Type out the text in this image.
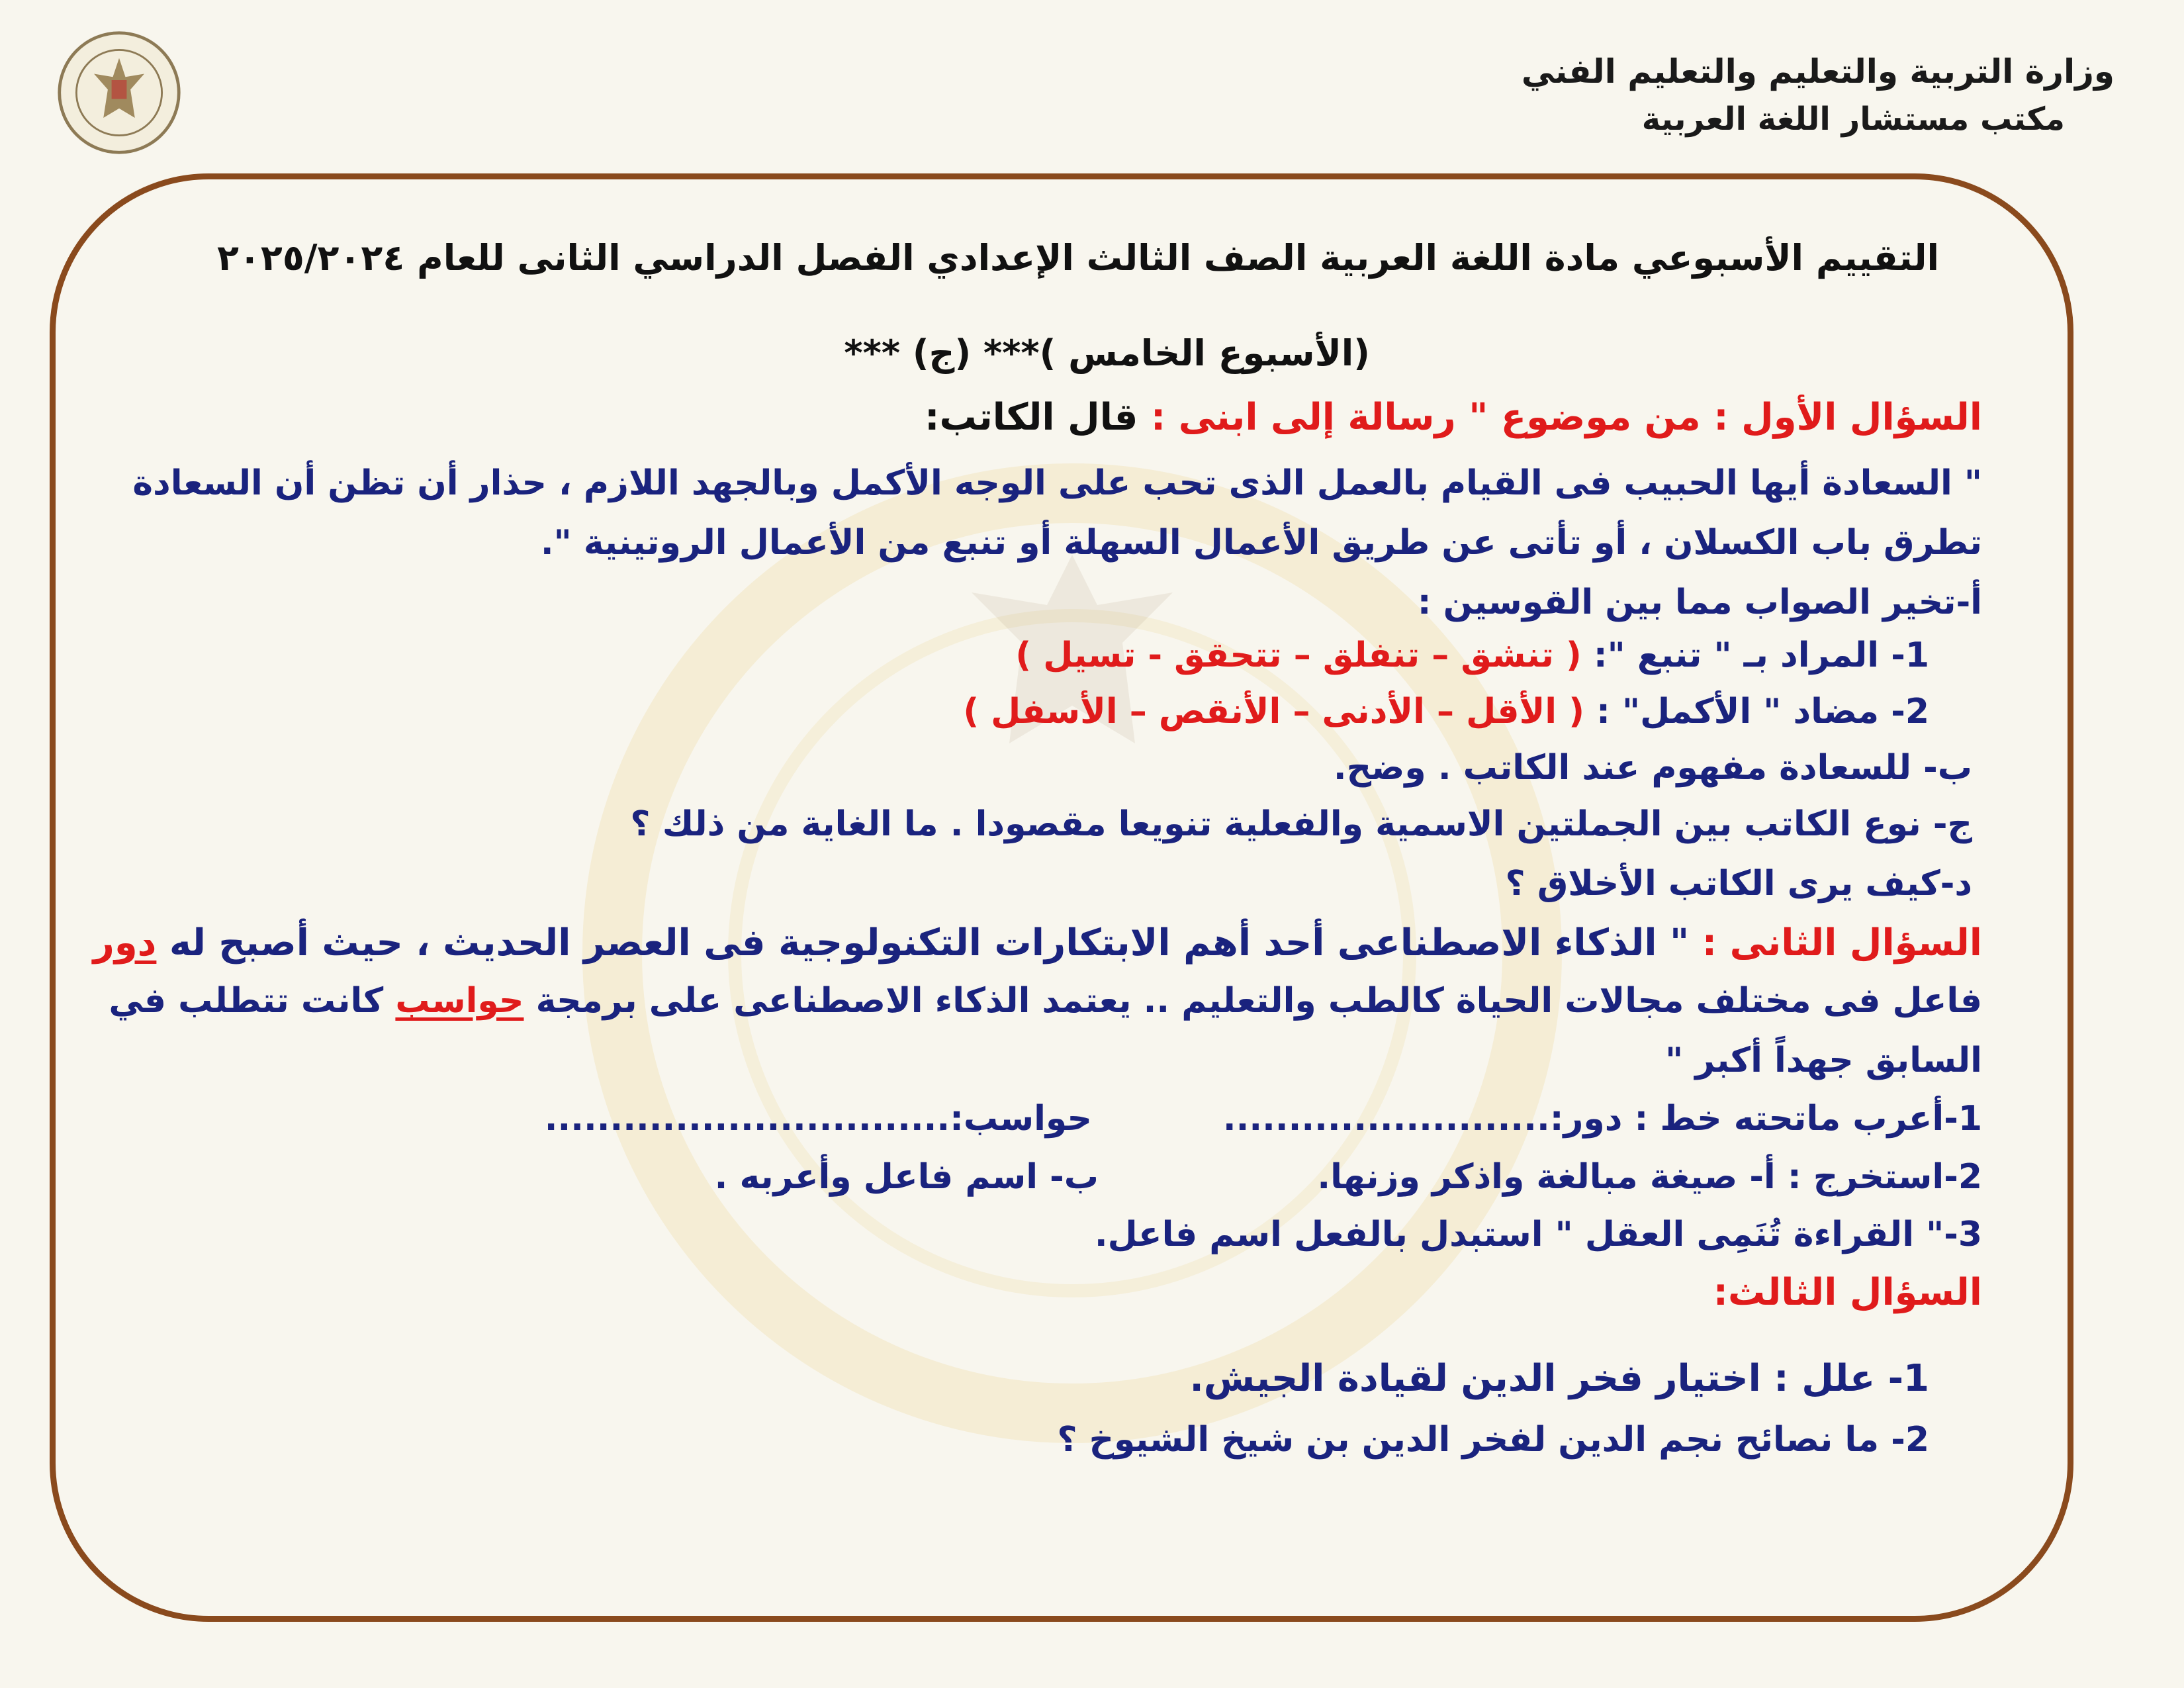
وزارة التربية والتعليم والتعليم الفني
مكتب مستشار اللغة العربية
التقييم الأسبوعي مادة اللغة العربية الصف الثالث الإعدادي الفصل الدراسي الثانى للعام ٢٠٢٥/٢٠٢٤
(الأسبوع الخامس )*** (ج) ***
السؤال الأول : من موضوع " رسالة إلى ابنى : قال الكاتب:
" السعادة أيها الحبيب فى القيام بالعمل الذى تحب على الوجه الأكمل وبالجهد اللازم ، حذار أن تظن أن السعادة
تطرق باب الكسلان ، أو تأتى عن طريق الأعمال السهلة أو تنبع من الأعمال الروتينية ".
أ-تخير الصواب مما بين القوسين :
1- المراد بـ " تنبع ": ( تنشق – تنفلق – تتحقق - تسيل )
2- مضاد " الأكمل" : ( الأقل – الأدنى – الأنقص – الأسفل )
ب- للسعادة مفهوم عند الكاتب . وضح.
ج- نوع الكاتب بين الجملتين الاسمية والفعلية تنويعا مقصودا . ما الغاية من ذلك ؟
د-كيف يرى الكاتب الأخلاق ؟
السؤال الثانى : " الذكاء الاصطناعى أحد أهم الابتكارات التكنولوجية فى العصر الحديث ، حيث أصبح له دور
فاعل فى مختلف مجالات الحياة كالطب والتعليم .. يعتمد الذكاء الاصطناعى على برمجة حواسب كانت تتطلب في
السابق جهداً أكبر "
1-أعرب ماتحته خط : دور:.........................
حواسب:...............................
2-استخرج : أ- صيغة مبالغة واذكر وزنها.
ب- اسم فاعل وأعربه .
3-" القراءة تُنَمِى العقل " استبدل بالفعل اسم فاعل.
السؤال الثالث:
1- علل : اختيار فخر الدين لقيادة الجيش.
2- ما نصائح نجم الدين لفخر الدين بن شيخ الشيوخ ؟
